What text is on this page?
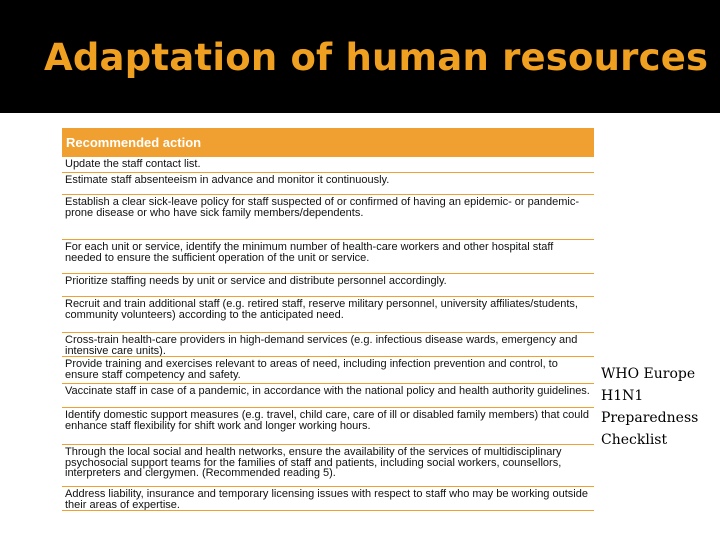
Adaptation of human resources
Recommended action
Update the staff contact list.
Estimate staff absenteeism in advance and monitor it continuously.
Establish a clear sick-leave policy for staff suspected of or confirmed of having an epidemic- or pandemic-prone disease or who have sick family members/dependents.
For each unit or service, identify the minimum number of health-care workers and other hospital staff needed to ensure the sufficient operation of the unit or service.
Prioritize staffing needs by unit or service and distribute personnel accordingly.
Recruit and train additional staff (e.g. retired staff, reserve military personnel, university affiliates/students, community volunteers) according to the anticipated need.
Cross-train health-care providers in high-demand services (e.g. infectious disease wards, emergency and intensive care units).
Provide training and exercises relevant to areas of need, including infection prevention and control, to ensure staff competency and safety.
Vaccinate staff in case of a pandemic, in accordance with the national policy and health authority guidelines.
Identify domestic support measures (e.g. travel, child care, care of ill or disabled family members) that could enhance staff flexibility for shift work and longer working hours.
Through the local social and health networks, ensure the availability of the services of multidisciplinary psychosocial support teams for the families of staff and patients, including social workers, counsellors, interpreters and clergymen. (Recommended reading 5).
Address liability, insurance and temporary licensing issues with respect to staff who may be working outside their areas of expertise.
WHO Europe
H1N1
Preparedness
Checklist
